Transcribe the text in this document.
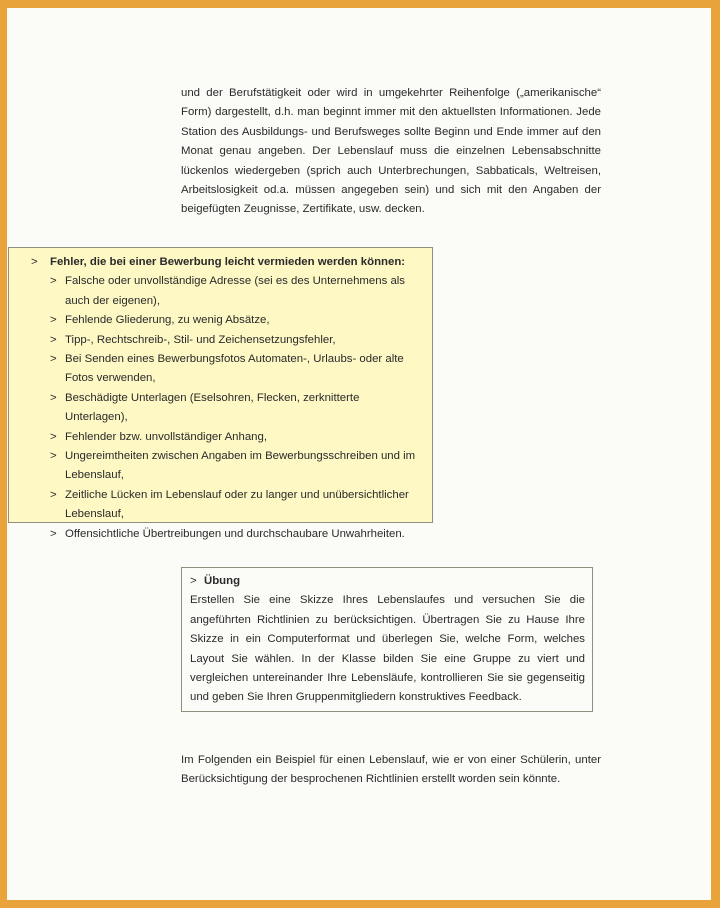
und der Berufstätigkeit oder wird in umgekehrter Reihenfolge („amerikanische“ Form) dargestellt, d.h. man beginnt immer mit den aktuellsten Informationen. Jede Station des Ausbildungs- und Berufsweges sollte Beginn und Ende immer auf den Monat genau angeben. Der Lebenslauf muss die einzelnen Lebensabschnitte lückenlos wiedergeben (sprich auch Unterbrechungen, Sabbaticals, Weltreisen, Arbeitslosigkeit od.a. müssen angegeben sein) und sich mit den Angaben der beigefügten Zeugnisse, Zertifikate, usw. decken.

> Fehler, die bei einer Bewerbung leicht vermieden werden können:

> Falsche oder unvollständige Adresse (sei es des Unternehmens als auch der eigenen),
> Fehlende Gliederung, zu wenig Absätze,
> Tipp-, Rechtschreib-, Stil- und Zeichensetzungsfehler,
> Bei Senden eines Bewerbungsfotos Automaten-, Urlaubs- oder alte Fotos verwenden,
> Beschädigte Unterlagen (Eselsohren, Flecken, zerknitterte Unterlagen),
> Fehlender bzw. unvollständiger Anhang,
> Ungereimtheiten zwischen Angaben im Bewerbungsschreiben und im Lebenslauf,
> Zeitliche Lücken im Lebenslauf oder zu langer und unübersichtlicher Lebenslauf,
> Offensichtliche Übertreibungen und durchschaubare Unwahrheiten.

> Übung

Erstellen Sie eine Skizze Ihres Lebenslaufes und versuchen Sie die angeführten Richtlinien zu berücksichtigen. Übertragen Sie zu Hause Ihre Skizze in ein Computerformat und überlegen Sie, welche Form, welches Layout Sie wählen. In der Klasse bilden Sie eine Gruppe zu viert und vergleichen untereinander Ihre Lebensläufe, kontrollieren Sie sie gegenseitig und geben Sie Ihren Gruppenmitgliedern konstruktives Feedback.

Im Folgenden ein Beispiel für einen Lebenslauf, wie er von einer Schülerin, unter Berücksichtigung der besprochenen Richtlinien erstellt worden sein könnte.
